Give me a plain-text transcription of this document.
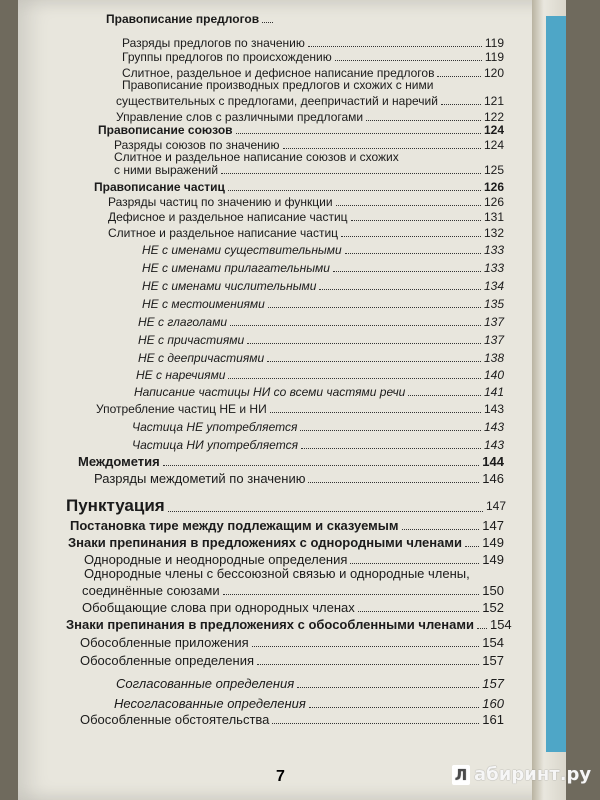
Правописание предлогов
Разряды предлогов по значению	119
Группы предлогов по происхождению	119
Слитное, раздельное и дефисное написание предлогов	120
Правописание производных предлогов и схожих с ними
существительных с предлогами, деепричастий и наречий	121
Управление слов с различными предлогами	122
Правописание союзов	124
Разряды союзов по значению	124
Слитное и раздельное написание союзов и схожих
с ними выражений	125
Правописание частиц	126
Разряды частиц по значению и функции	126
Дефисное и раздельное написание частиц	131
Слитное и раздельное написание частиц	132
НЕ с именами существительными	133
НЕ с именами прилагательными	133
НЕ с именами числительными	134
НЕ с местоимениями	135
НЕ с глаголами	137
НЕ с причастиями	137
НЕ с деепричастиями	138
НЕ с наречиями	140
Написание частицы НИ со всеми частями речи	141
Употребление частиц НЕ и НИ	143
Частица НЕ употребляется	143
Частица НИ употребляется	143
Междометия	144
Разряды междометий по значению	146
Пунктуация	147
Постановка тире между подлежащим и сказуемым	147
Знаки препинания в предложениях с однородными членами 149
Однородные и неоднородные определения	149
Однородные члены с бессоюзной связью и однородные члены,
соединённые союзами	150
Обобщающие слова при однородных членах	152
Знаки препинания в предложениях с обособленными членами 154
Обособленные приложения	154
Обособленные определения	157
Согласованные определения	157
Несогласованные определения	160
Обособленные обстоятельства	161
7	Л абиринт.ру
